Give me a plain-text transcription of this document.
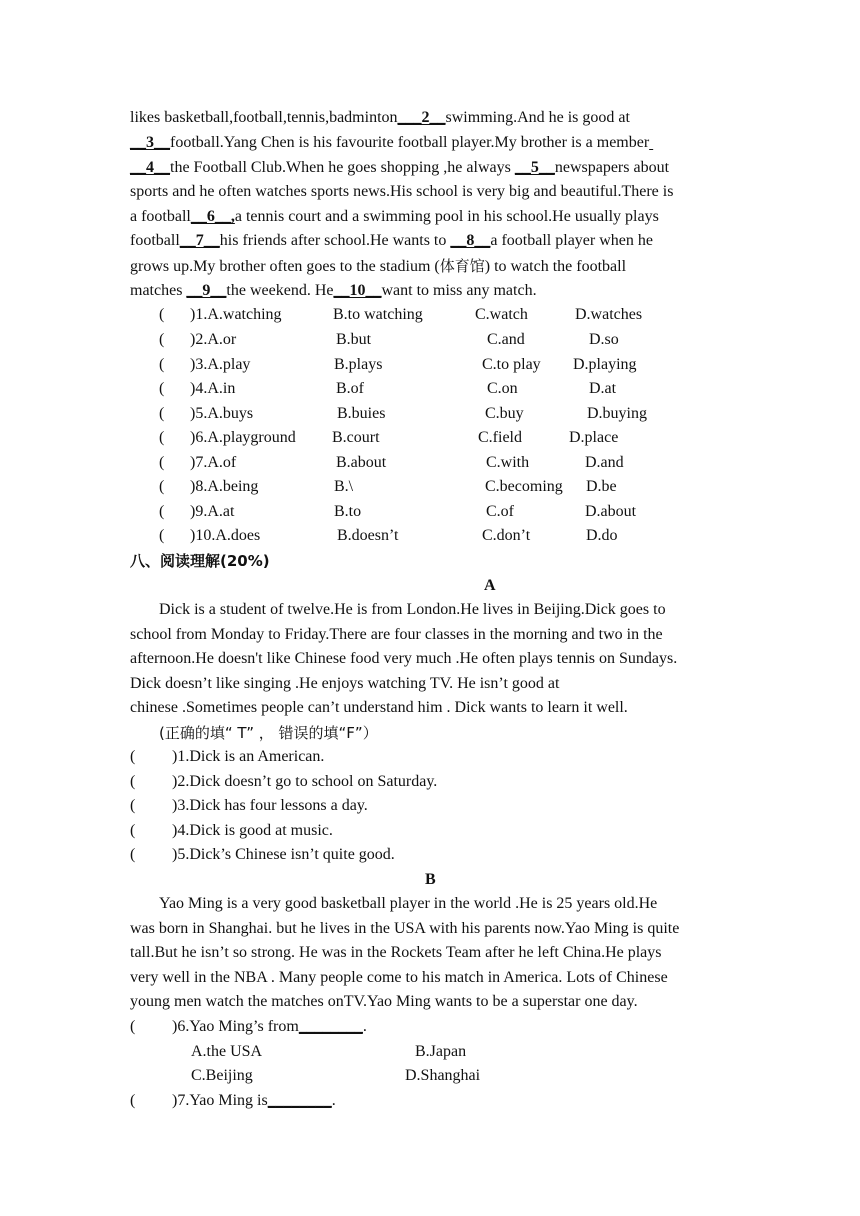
likes basketball,football,tennis,badminton___2__swimming.And he is good at
__3__football.Yang Chen is his favourite football player.My brother is a member
__4__the Football Club.When he goes shopping ,he always __5__newspapers about
sports and he often watches sports news.His school is very big and beautiful.There is
a football__6__,a tennis court and a swimming pool in his school.He usually plays
football__7__his friends after school.He wants to __8__a football player when he
grows up.My brother often goes to the stadium (体育馆) to watch the football
matches __9__the weekend. He__10__want to miss any match.
( )1.A.watching	B.to watching	C.watch	D.watches
( )2.A.or	B.but	C.and	D.so
( )3.A.play	B.plays	C.to play D.playing
( )4.A.in	B.of	C.on	D.at
( )5.A.buys	B.buies	C.buy	D.buying
( )6.A.playground B.court	C.field	D.place
( )7.A.of	B.about	C.with	D.and
( )8.A.being	B.\	C.becoming D.be
( )9.A.at	B.to	C.of	D.about
( )10.A.does	B.doesn’t	C.don’t	D.do
八、阅读理解(20%)
A
Dick is a student of twelve.He is from London.He lives in Beijing.Dick goes to
school from Monday to Friday.There are four classes in the morning and two in the
afternoon.He doesn't like Chinese food very much .He often plays tennis on Sundays.
Dick doesn’t like singing .He enjoys watching TV. He isn’t good at
chinese .Sometimes people can’t understand him . Dick wants to learn it well.
(正确的填“ T” ， 错误的填“F”）
( )1.Dick is an American.
( )2.Dick doesn’t go to school on Saturday.
( )3.Dick has four lessons a day.
( )4.Dick is good at music.
( )5.Dick’s Chinese isn’t quite good.
B
Yao Ming is a very good basketball player in the world .He is 25 years old.He
was born in Shanghai. but he lives in the USA with his parents now.Yao Ming is quite
tall.But he isn’t so strong. He was in the Rockets Team after he left China.He plays
very well in the NBA . Many people come to his match in America. Lots of Chinese
young men watch the matches onTV.Yao Ming wants to be a superstar one day.
( )6.Yao Ming’s from________.
A.the USA	B.Japan
C.Beijing	D.Shanghai
( )7.Yao Ming is________.
